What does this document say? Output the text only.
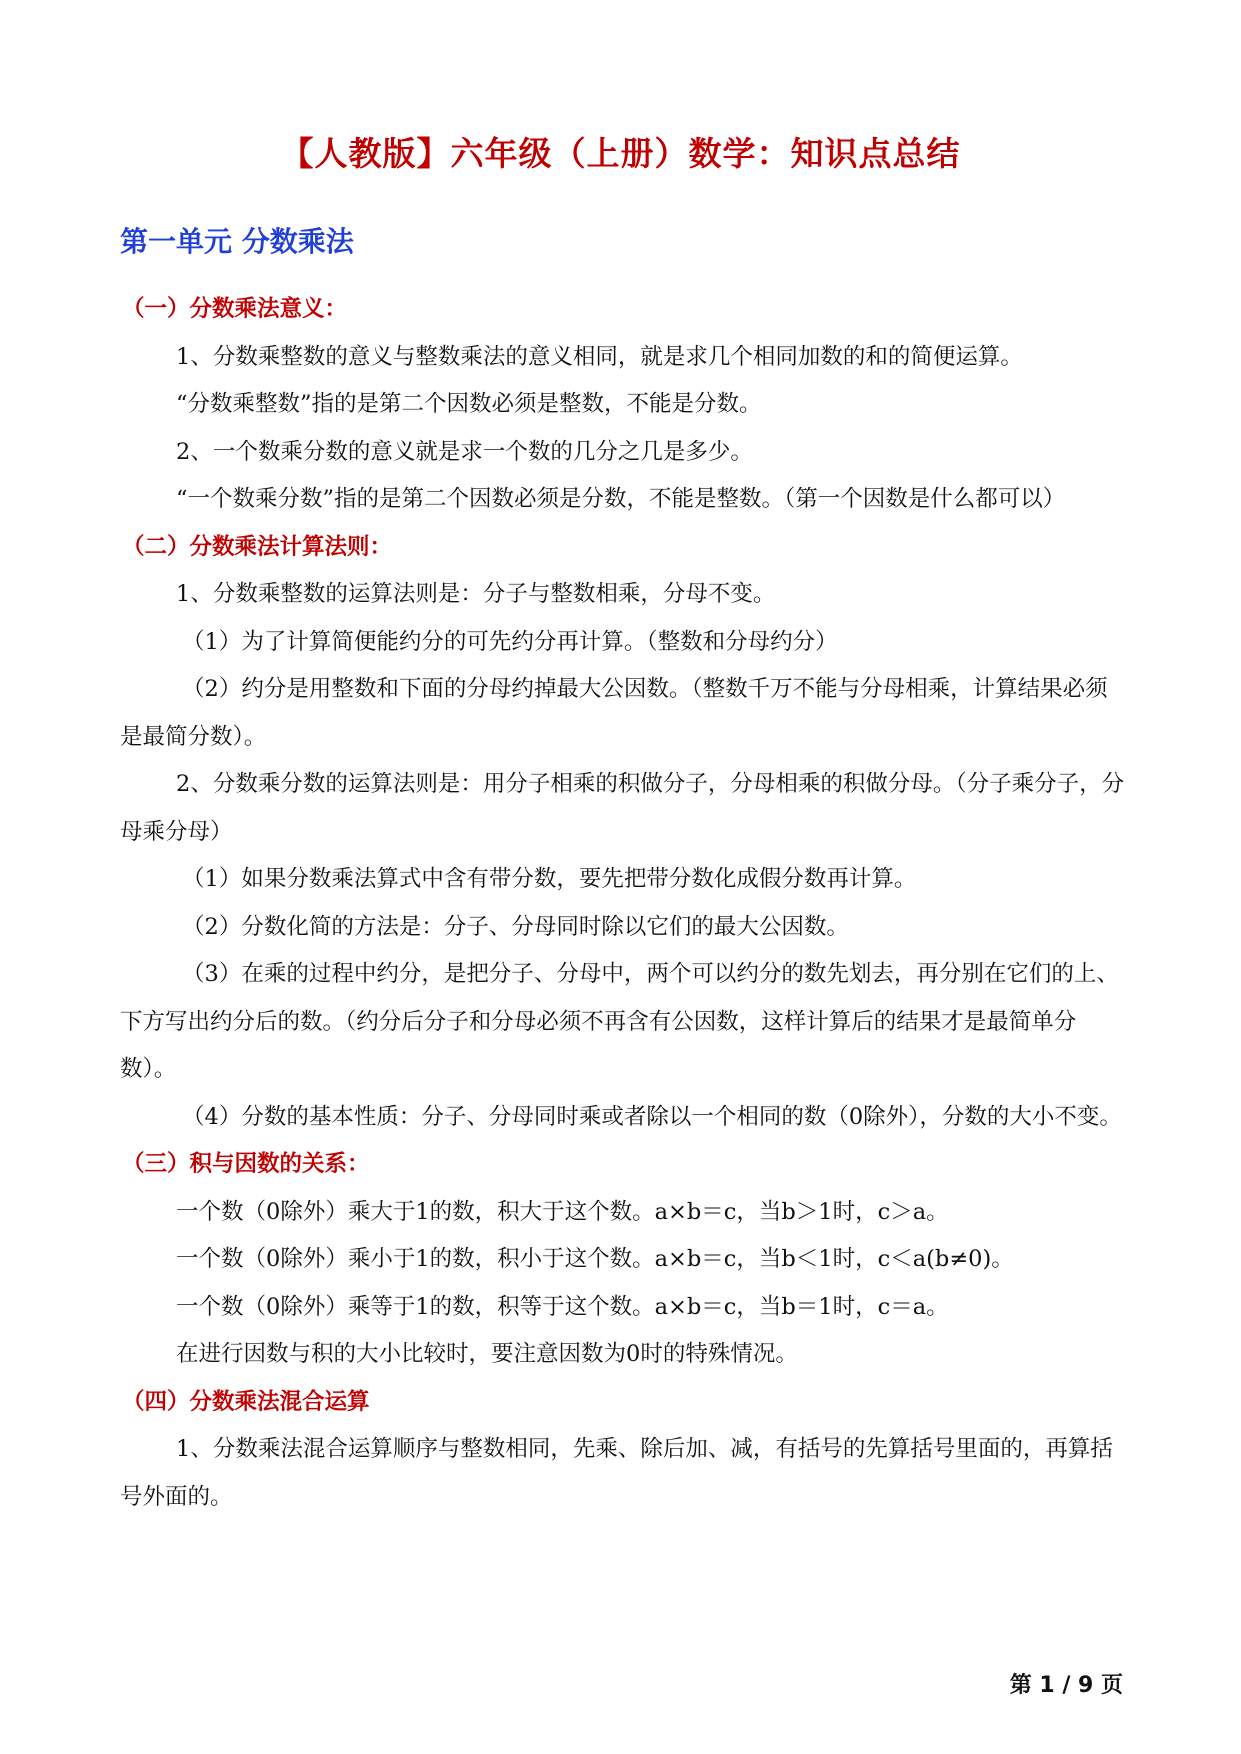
【人教版】六年级（上册）数学：知识点总结
第一单元 分数乘法
（一）分数乘法意义：

1、分数乘整数的意义与整数乘法的意义相同，就是求几个相同加数的和的简便运算。

“分数乘整数”指的是第二个因数必须是整数，不能是分数。

2、一个数乘分数的意义就是求一个数的几分之几是多少。

“一个数乘分数”指的是第二个因数必须是分数，不能是整数。（第一个因数是什么都可以）

（二）分数乘法计算法则：

1、分数乘整数的运算法则是：分子与整数相乘，分母不变。

（1）为了计算简便能约分的可先约分再计算。（整数和分母约分）

（2）约分是用整数和下面的分母约掉最大公因数。（整数千万不能与分母相乘，计算结果必须是最简分数）。

2、分数乘分数的运算法则是：用分子相乘的积做分子，分母相乘的积做分母。（分子乘分子，分母乘分母）

（1）如果分数乘法算式中含有带分数，要先把带分数化成假分数再计算。

（2）分数化简的方法是：分子、分母同时除以它们的最大公因数。

（3）在乘的过程中约分，是把分子、分母中，两个可以约分的数先划去，再分别在它们的上、下方写出约分后的数。（约分后分子和分母必须不再含有公因数，这样计算后的结果才是最简单分数）。

（4）分数的基本性质：分子、分母同时乘或者除以一个相同的数（0除外），分数的大小不变。

（三）积与因数的关系：

一个数（0除外）乘大于1的数，积大于这个数。a×b＝c，当b＞1时，c＞a。

一个数（0除外）乘小于1的数，积小于这个数。a×b＝c，当b＜1时，c＜a(b≠0)。

一个数（0除外）乘等于1的数，积等于这个数。a×b＝c，当b＝1时，c＝a。

在进行因数与积的大小比较时，要注意因数为0时的特殊情况。

（四）分数乘法混合运算

1、分数乘法混合运算顺序与整数相同，先乘、除后加、减，有括号的先算括号里面的，再算括号外面的。

第 1 / 9 页
